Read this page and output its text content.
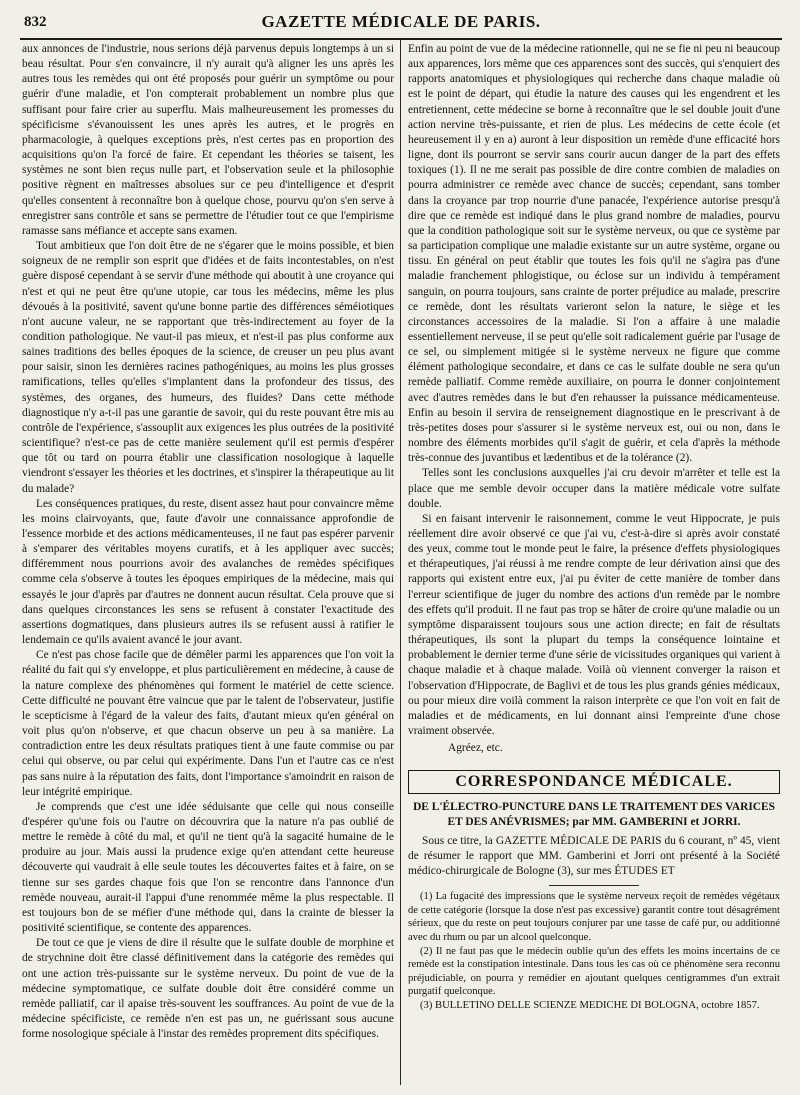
832	GAZETTE MÉDICALE DE PARIS.

aux annonces de l'industrie, nous serions déjà parvenus depuis longtemps à un si beau résultat. Pour s'en convaincre, il n'y aurait qu'à aligner les uns après les autres tous les remèdes qui ont été proposés pour guérir un symptôme ou pour guérir d'une maladie, et l'on compterait probablement un nombre plus que suffisant pour faire crier au superflu. Mais malheureusement les promesses du spécificisme s'évanouissent les unes après les autres, et le progrès en pharmacologie, à quelques exceptions près, n'est certes pas en proportion des acquisitions qu'on l'a forcé de faire. Et cependant les théories se taisent, les systèmes ne sont bien reçus nulle part, et l'observation seule et la philosophie positive règnent en maîtresses absolues sur ce peu d'intelligence et d'esprit qu'elles consentent à reconnaître bon à quelque chose, pourvu qu'on s'en serve à enregistrer sans contrôle et sans se permettre de l'étudier tout ce que l'empirisme ramasse sans méfiance et accepte sans examen.

Tout ambitieux que l'on doit être de ne s'égarer que le moins possible, et bien soigneux de ne remplir son esprit que d'idées et de faits incontestables, on n'est guère disposé cependant à se servir d'une méthode qui aboutit à une croyance qui n'est et qui ne peut être qu'une utopie, car tous les médecins, même les plus dévoués à la positivité, savent qu'une bonne partie des différences séméiotiques n'ont aucune valeur, ne se rapportant que très-indirectement au foyer de la condition pathologique. Ne vaut-il pas mieux, et n'est-il pas plus conforme aux saines traditions des belles époques de la science, de creuser un peu plus avant pour saisir, sinon les dernières racines pathogéniques, au moins les plus grosses ramifications, telles qu'elles s'implantent dans la profondeur des tissus, des systèmes, des organes, des humeurs, des fluides? Dans cette méthode diagnostique n'y a-t-il pas une garantie de savoir, qui du reste pouvant être mis au contrôle de l'expérience, s'assouplit aux exigences les plus outrées de la positivité scientifique? n'est-ce pas de cette manière seulement qu'il est permis d'espérer que tôt ou tard on pourra établir une classification nosologique à laquelle viendront s'essayer les théories et les doctrines, et s'inspirer la thérapeutique au lit du malade?

Les conséquences pratiques, du reste, disent assez haut pour convaincre même les moins clairvoyants, que, faute d'avoir une connaissance approfondie de l'essence morbide et des actions médicamenteuses, il ne faut pas espérer parvenir à s'emparer des véritables moyens curatifs, et à les appliquer avec succès; différemment nous pourrions avoir des avalanches de remèdes spécifiques comme cela s'observe à toutes les époques empiriques de la médecine, mais qui essayés le jour d'après par d'autres ne donnent aucun résultat. Cela prouve que si dans quelques circonstances les sens se refusent à constater l'exactitude des assertions dogmatiques, dans plusieurs autres ils se refusent aussi à ratifier le lendemain ce qu'ils avaient avancé le jour avant.

Ce n'est pas chose facile que de démêler parmi les apparences que l'on voit la réalité du fait qui s'y enveloppe, et plus particulièrement en médecine, à cause de la nature complexe des phénomènes qui forment le matériel de cette science. Cette difficulté ne pouvant être vaincue que par le talent de l'observateur, justifie le scepticisme à l'égard de la valeur des faits, d'autant mieux qu'en général on voit plus qu'on n'observe, et que chacun observe un peu à sa manière. La contradiction entre les deux résultats pratiques tient à une faute commise ou par celui qui observe, ou par celui qui expérimente. Dans l'un et l'autre cas ce n'est pas sans nuire à la réputation des faits, dont l'importance s'amoindrit en raison de leur intégrité empirique.

Je comprends que c'est une idée séduisante que celle qui nous conseille d'espérer qu'une fois ou l'autre on découvrira que la nature n'a pas oublié de mettre le remède à côté du mal, et qu'il ne tient qu'à la sagacité humaine de le produire au jour. Mais aussi la prudence exige qu'en attendant cette heureuse découverte qui vaudrait à elle seule toutes les découvertes faites et à faire, on se tienne sur ses gardes chaque fois que l'on se rencontre dans l'annonce d'un remède nouveau, aurait-il l'appui d'une renommée même la plus respectable. Il est toujours bon de se méfier d'une méthode qui, dans la crainte de blesser la positivité scientifique, se contente des apparences.

De tout ce que je viens de dire il résulte que le sulfate double de morphine et de strychnine doit être classé définitivement dans la catégorie des remèdes qui ont une action très-puissante sur le système nerveux. Du point de vue de la médecine symptomatique, ce sulfate double doit être considéré comme un remède palliatif, car il apaise très-souvent les souffrances. Au point de vue de la médecine spécificiste, ce remède n'en est pas un, ne guérissant sous aucune forme nosologique spéciale à l'instar des remèdes proprement dits spécifiques.

Enfin au point de vue de la médecine rationnelle, qui ne se fie ni peu ni beaucoup aux apparences, lors même que ces apparences sont des succès, qui s'enquiert des rapports anatomiques et physiologiques qui recherche dans chaque maladie où est le point de départ, qui étudie la nature des causes qui les engendrent et les entretiennent, cette médecine se borne à reconnaître que le sel double jouit d'une action nervine très-puissante, et rien de plus. Les médecins de cette école (et heureusement il y en a) auront à leur disposition un remède d'une efficacité hors ligne, dont ils pourront se servir sans courir aucun danger de la part des effets toxiques (1). Il ne me serait pas possible de dire contre combien de maladies on pourra administrer ce remède avec chance de succès; cependant, sans tomber dans la croyance par trop nourrie d'une panacée, l'expérience autorise presqu'à dire que ce remède est indiqué dans le plus grand nombre de maladies, pourvu que la condition pathologique soit sur le système nerveux, ou que ce système par sa participation complique une maladie existante sur un autre système, organe ou tissu. En général on peut établir que toutes les fois qu'il ne s'agira pas d'une maladie franchement phlogistique, ou éclose sur un individu à tempérament sanguin, on pourra toujours, sans crainte de porter préjudice au malade, prescrire ce remède, dont les résultats varieront selon la nature, le siège et les circonstances accessoires de la maladie. Si l'on a affaire à une maladie essentiellement nerveuse, il se peut qu'elle soit radicalement guérie par l'usage de ce sel, ou simplement mitigée si le système nerveux ne figure que comme élément pathologique secondaire, et dans ce cas le sulfate double ne sera qu'un remède palliatif. Comme remède auxiliaire, on pourra le donner conjointement avec d'autres remèdes dans le but d'en rehausser la puissance médicamenteuse. Enfin au besoin il servira de renseignement diagnostique en le prescrivant à de très-petites doses pour s'assurer si le système nerveux est, oui ou non, dans le nombre des éléments morbides qu'il s'agit de guérir, et cela d'après la méthode très-connue des juvantibus et lædentibus et de la tolérance (2).

Telles sont les conclusions auxquelles j'ai cru devoir m'arrêter et telle est la place que me semble devoir occuper dans la matière médicale votre sulfate double.

Si en faisant intervenir le raisonnement, comme le veut Hippocrate, je puis réellement dire avoir observé ce que j'ai vu, c'est-à-dire si après avoir constaté des yeux, comme tout le monde peut le faire, la présence d'effets physiologiques et thérapeutiques, j'ai réussi à me rendre compte de leur dérivation ainsi que des rapports qui existent entre eux, j'ai pu éviter de cette manière de tomber dans l'erreur scientifique de juger du nombre des actions d'un remède par le nombre des effets qu'il produit. Il ne faut pas trop se hâter de croire qu'une maladie ou un symptôme disparaissent toujours sous une action directe; en fait de résultats thérapeutiques, ils sont la plupart du temps la conséquence lointaine et probablement le dernier terme d'une série de vicissitudes organiques qui varient à chaque maladie et à chaque malade. Voilà où viennent converger la raison et l'observation d'Hippocrate, de Baglivi et de tous les plus grands génies médicaux, ou pour mieux dire voilà comment la raison interprète ce que l'on voit en fait de maladies et de médicaments, en lui donnant ainsi l'empreinte d'une chose vraiment observée.

Agréez, etc.

CORRESPONDANCE MÉDICALE.
DE L'ÉLECTRO-PUNCTURE DANS LE TRAITEMENT DES VARICES ET DES ANÉVRISMES; par MM. GAMBERINI et JORRI.

Sous ce titre, la GAZETTE MÉDICALE DE PARIS du 6 courant, nº 45, vient de résumer le rapport que MM. Gamberini et Jorri ont présenté à la Société médico-chirurgicale de Bologne (3), sur mes ÉTUDES ET

(1) La fugacité des impressions que le système nerveux reçoit de remèdes végétaux de cette catégorie (lorsque la dose n'est pas excessive) garantit contre tout désagrément sérieux, que du reste on peut toujours conjurer par une tasse de café pur, ou additionné avec du rhum ou par un alcool quelconque.

(2) Il ne faut pas que le médecin oublie qu'un des effets les moins incertains de ce remède est la constipation intestinale. Dans tous les cas où ce phénomène sera reconnu préjudiciable, on pourra y remédier en ajoutant quelques centigrammes d'un extrait purgatif quelconque.

(3) BULLETINO DELLE SCIENZE MEDICHE DI BOLOGNA, octobre 1857.
